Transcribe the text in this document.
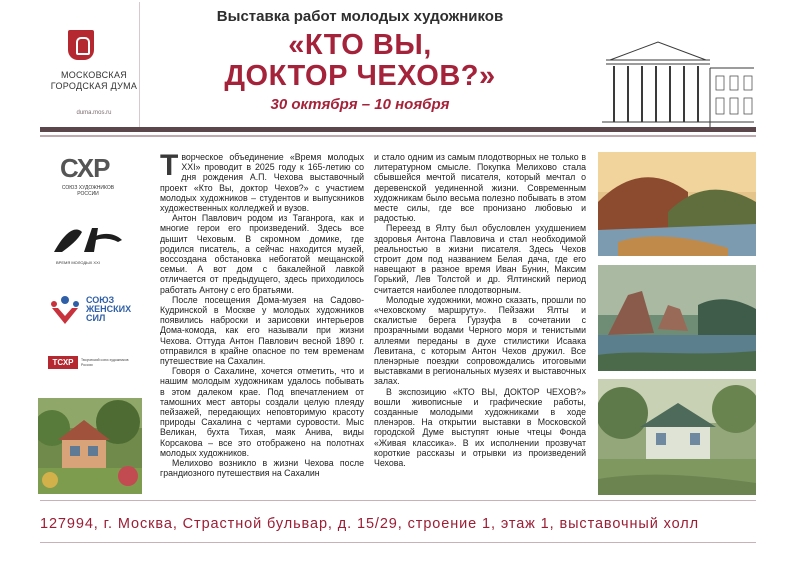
МОСКОВСКАЯ
ГОРОДСКАЯ ДУМА
duma.mos.ru
Выставка работ молодых художников
«КТО ВЫ,
ДОКТОР ЧЕХОВ?»
30 октября – 10 ноября
СХР
СОЮЗ ХУДОЖНИКОВ
РОССИИ
ВРЕМЯ МОЛОДЫХ XXI
СОЮЗ
ЖЕНСКИХ
СИЛ
ТСХР	Творческий союз художников России

Творческое объединение «Время молодых XXI» проводит в 2025 году к 165-летию со дня рождения А.П. Чехова выставочный проект «Кто Вы, доктор Чехов?» с участием молодых художников – студентов и выпускников художественных колледжей и вузов.

Антон Павлович родом из Таганрога, как и многие герои его произведений. Здесь все дышит Чеховым. В скромном домике, где родился писатель, а сейчас находится музей, воссоздана обстановка небогатой мещанской семьи. А вот дом с бакалейной лавкой отличается от предыдущего, здесь приходилось работать Антону с его братьями.

После посещения Дома-музея на Садово-Кудринской в Москве у молодых художников появились наброски и зарисовки интерьеров Дома-комода, как его называли при жизни Чехова. Оттуда Антон Павлович весной 1890 г. отправился в крайне опасное по тем временам путешествие на Сахалин.

Говоря о Сахалине, хочется отметить, что и нашим молодым художникам удалось побывать в этом далеком крае. Под впечатлением от тамошних мест авторы создали целую плеяду пейзажей, передающих неповторимую красоту природы Сахалина с чертами суровости. Мыс Великан, бухта Тихая, маяк Анива, виды Корсакова – все это отображено на полотнах молодых художников.

Мелихово возникло в жизни Чехова после грандиозного путешествия на Сахалин

и стало одним из самым плодотворных не только в литературном смысле. Покупка Мелихово стала сбывшейся мечтой писателя, который мечтал о деревенской уединенной жизни. Современным художникам было весьма полезно побывать в этом месте силы, где все пронизано любовью и радостью.

Переезд в Ялту был обусловлен ухудшением здоровья Антона Павловича и стал необходимой реальностью в жизни писателя. Здесь Чехов строит дом под названием Белая дача, где его навещают в разное время Иван Бунин, Максим Горький, Лев Толстой и др. Ялтинский период считается наиболее плодотворным.

Молодые художники, можно сказать, прошли по «чеховскому маршруту». Пейзажи Ялты и скалистые берега Гурзуфа в сочетании с прозрачными водами Черного моря и тенистыми аллеями переданы в духе стилистики Исаака Левитана, с которым Антон Чехов дружил. Все пленэрные поездки сопровождались итоговыми выставками в региональных музеях и выставочных залах.

В экспозицию «КТО ВЫ, ДОКТОР ЧЕХОВ?» вошли живописные и графические работы, созданные молодыми художниками в ходе пленэров. На открытии выставки в Московской городской Думе выступят юные чтецы Фонда «Живая классика». В их исполнении прозвучат короткие рассказы и отрывки из произведений Чехова.

127994, г. Москва, Страстной бульвар, д. 15/29, строение 1, этаж 1, выставочный холл
